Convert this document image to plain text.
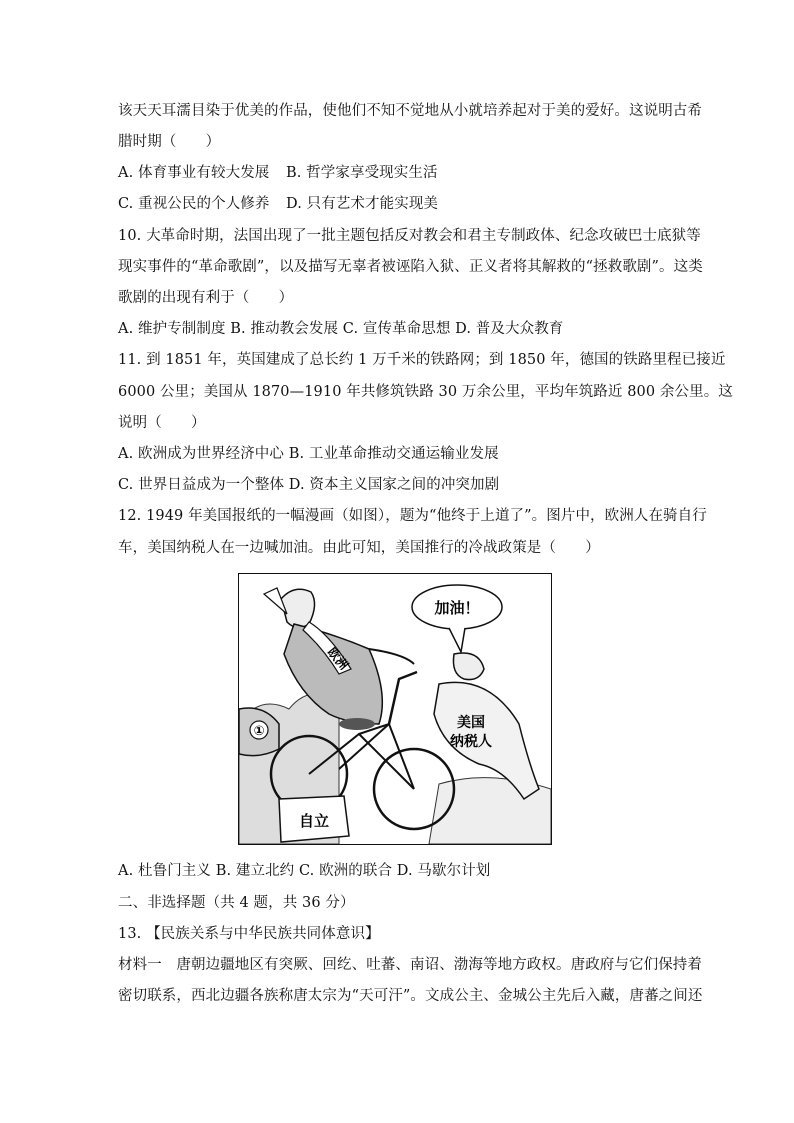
该天天耳濡目染于优美的作品，使他们不知不觉地从小就培养起对于美的爱好。这说明古希
腊时期（　　）
A. 体育事业有较大发展 B. 哲学家享受现实生活
C. 重视公民的个人修养 D. 只有艺术才能实现美
10. 大革命时期，法国出现了一批主题包括反对教会和君主专制政体、纪念攻破巴士底狱等
现实事件的“革命歌剧”，以及描写无辜者被诬陷入狱、正义者将其解救的“拯救歌剧”。这类
歌剧的出现有利于（　　）
A. 维护专制制度 B. 推动教会发展 C. 宣传革命思想 D. 普及大众教育
11. 到 1851 年，英国建成了总长约 1 万千米的铁路网；到 1850 年，德国的铁路里程已接近
6000 公里；美国从 1870—1910 年共修筑铁路 30 万余公里，平均年筑路近 800 余公里。这
说明（　　）
A. 欧洲成为世界经济中心 B. 工业革命推动交通运输业发展
C. 世界日益成为一个整体 D. 资本主义国家之间的冲突加剧
12. 1949 年美国报纸的一幅漫画（如图），题为“他终于上道了”。图片中，欧洲人在骑自行
车，美国纳税人在一边喊加油。由此可知，美国推行的冷战政策是（　　）
加油！
欧洲
①
美国
纳税人
自立
A. 杜鲁门主义 B. 建立北约 C. 欧洲的联合 D. 马歇尔计划
二、非选择题（共 4 题，共 36 分）
13. 【民族关系与中华民族共同体意识】
材料一　唐朝边疆地区有突厥、回纥、吐蕃、南诏、渤海等地方政权。唐政府与它们保持着
密切联系，西北边疆各族称唐太宗为“天可汗”。文成公主、金城公主先后入藏，唐蕃之间还
